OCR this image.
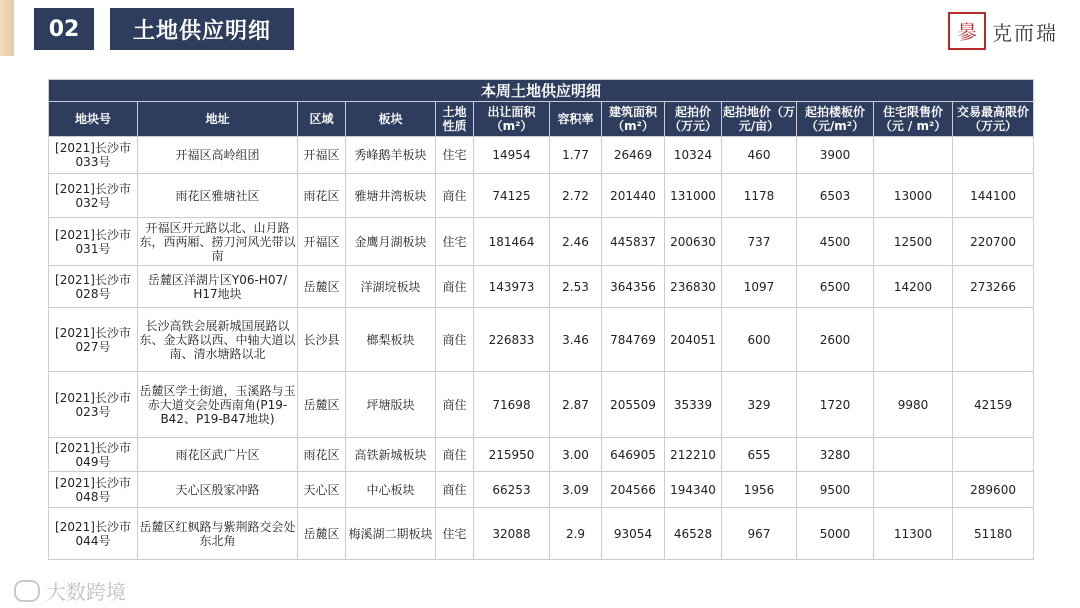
02	土地供应明细	𦤒 克而瑞
本周土地供应明细												
地块号	地址	区域	板块	土地性质	出让面积（m²）	容积率	建筑面积（m²）	起拍价（万元）	起拍地价（万元/亩）	起拍楼板价（元/m²）	住宅限售价（元 / m²）	交易最高限价（万元）
[2021]长沙市033号	开福区高岭组团	开福区	秀峰鹅羊板块	住宅	14954	1.77	26469	10324	460	3900		
[2021]长沙市032号	雨花区雅塘社区	雨花区	雅塘井湾板块	商住	74125	2.72	201440	131000	1178	6503	13000	144100
[2021]长沙市031号	开福区开元路以北、山月路东，西两厢、捞刀河风光带以南	开福区	金鹰月湖板块	住宅	181464	2.46	445837	200630	737	4500	12500	220700
[2021]长沙市028号	岳麓区洋湖片区Y06-H07/ H17地块	岳麓区	洋湖垸板块	商住	143973	2.53	364356	236830	1097	6500	14200	273266
[2021]长沙市027号	长沙高铁会展新城国展路以东、金太路以西、中轴大道以南、清水塘路以北	长沙县	榔梨板块	商住	226833	3.46	784769	204051	600	2600		
[2021]长沙市023号	岳麓区学士街道，玉溪路与玉赤大道交会处西南角(P19-B42、P19-B47地块)	岳麓区	坪塘版块	商住	71698	2.87	205509	35339	329	1720	9980	42159
[2021]长沙市049号	雨花区武广片区	雨花区	高铁新城板块	商住	215950	3.00	646905	212210	655	3280		
[2021]长沙市048号	天心区殷家冲路	天心区	中心板块	商住	66253	3.09	204566	194340	1956	9500		289600
[2021]长沙市044号	岳麓区红枫路与紫荆路交会处东北角	岳麓区	梅溪湖二期板块	住宅	32088	2.9	93054	46528	967	5000	11300	51180
大数跨境
